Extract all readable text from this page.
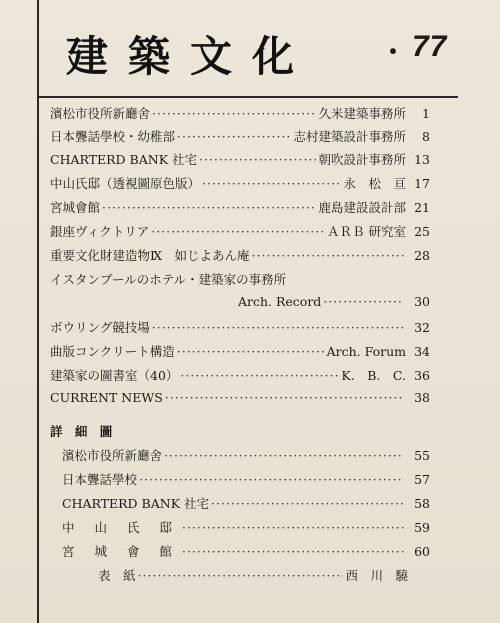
建築文化	・ 77
濱松市役所新廳舍 ·····	久米建築事務所	1
日本聾話學校・幼稚部 ·····	志村建築設計事務所	8
CHARTERD BANK 社宅 ·····	朝吹設計事務所 13
中山氏邸（透視圖原色版） ·····	永　松　亘 17
宮城會館 ·····	鹿島建設設計部 21
銀座ヴィクトリア ·····	ＡＲＢ 研究室 25
重要文化財建造物Ⅸ　如じよあん庵 ·····	28
イスタンブールのホテル・建築家の事務所
Arch. Record ·····	30
ボウリング競技場 ·····	32
曲版コンクリート構造 ·····	Arch. Forum 34
建築家の圖書室（40） ·····	K.　B.　C. 36
CURRENT NEWS ·····	38
詳 細 圖
濱松市役所新廳舍 ·····	55
日本聾話學校 ·····	57
CHARTERD BANK 社宅 ·····	58
中 山 氏 邸 ·····	59
宮 城 會 館 ·····	60
表　紙 ·····	西　川　驍
